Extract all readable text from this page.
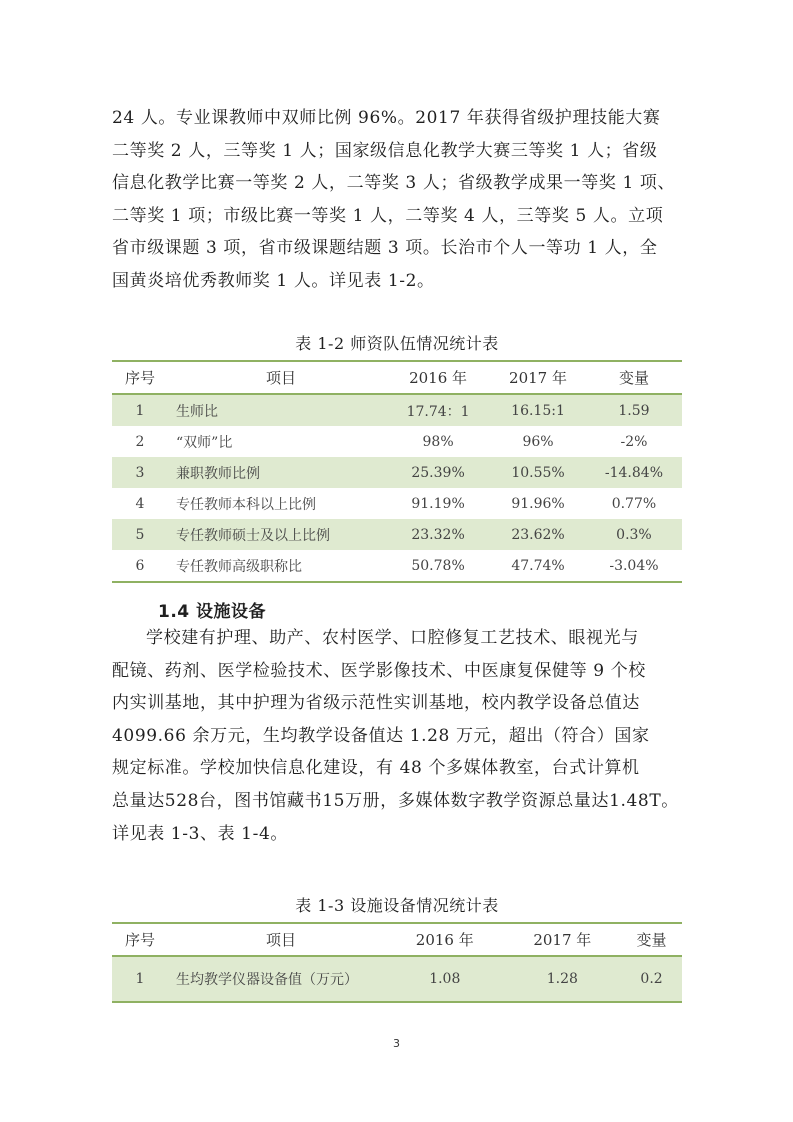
24 人。专业课教师中双师比例 96%。2017 年获得省级护理技能大赛
二等奖 2 人，三等奖 1 人；国家级信息化教学大赛三等奖 1 人；省级
信息化教学比赛一等奖 2 人，二等奖 3 人；省级教学成果一等奖 1 项、
二等奖 1 项；市级比赛一等奖 1 人，二等奖 4 人，三等奖 5 人。立项
省市级课题 3 项，省市级课题结题 3 项。长治市个人一等功 1 人，全
国黄炎培优秀教师奖 1 人。详见表 1-2。

表 1-2 师资队伍情况统计表
序号	项目	2016 年	2017 年	变量
1	生师比	17.74：1	16.15:1	1.59
2	“双师”比	98%	96%	-2%
3	兼职教师比例	25.39%	10.55%	-14.84%
4	专任教师本科以上比例	91.19%	91.96%	0.77%
5	专任教师硕士及以上比例	23.32%	23.62%	0.3%
6	专任教师高级职称比	50.78%	47.74%	-3.04%
1.4 设施设备

学校建有护理、助产、农村医学、口腔修复工艺技术、眼视光与
配镜、药剂、医学检验技术、医学影像技术、中医康复保健等 9 个校
内实训基地，其中护理为省级示范性实训基地，校内教学设备总值达
4099.66 余万元，生均教学设备值达 1.28 万元，超出（符合）国家
规定标准。学校加快信息化建设，有 48 个多媒体教室，台式计算机
总量达528台，图书馆藏书15万册，多媒体数字教学资源总量达1.48T。
详见表 1-3、表 1-4。

表 1-3 设施设备情况统计表
序号	项目	2016 年	2017 年	变量
1	生均教学仪器设备值（万元）	1.08	1.28	0.2
3
